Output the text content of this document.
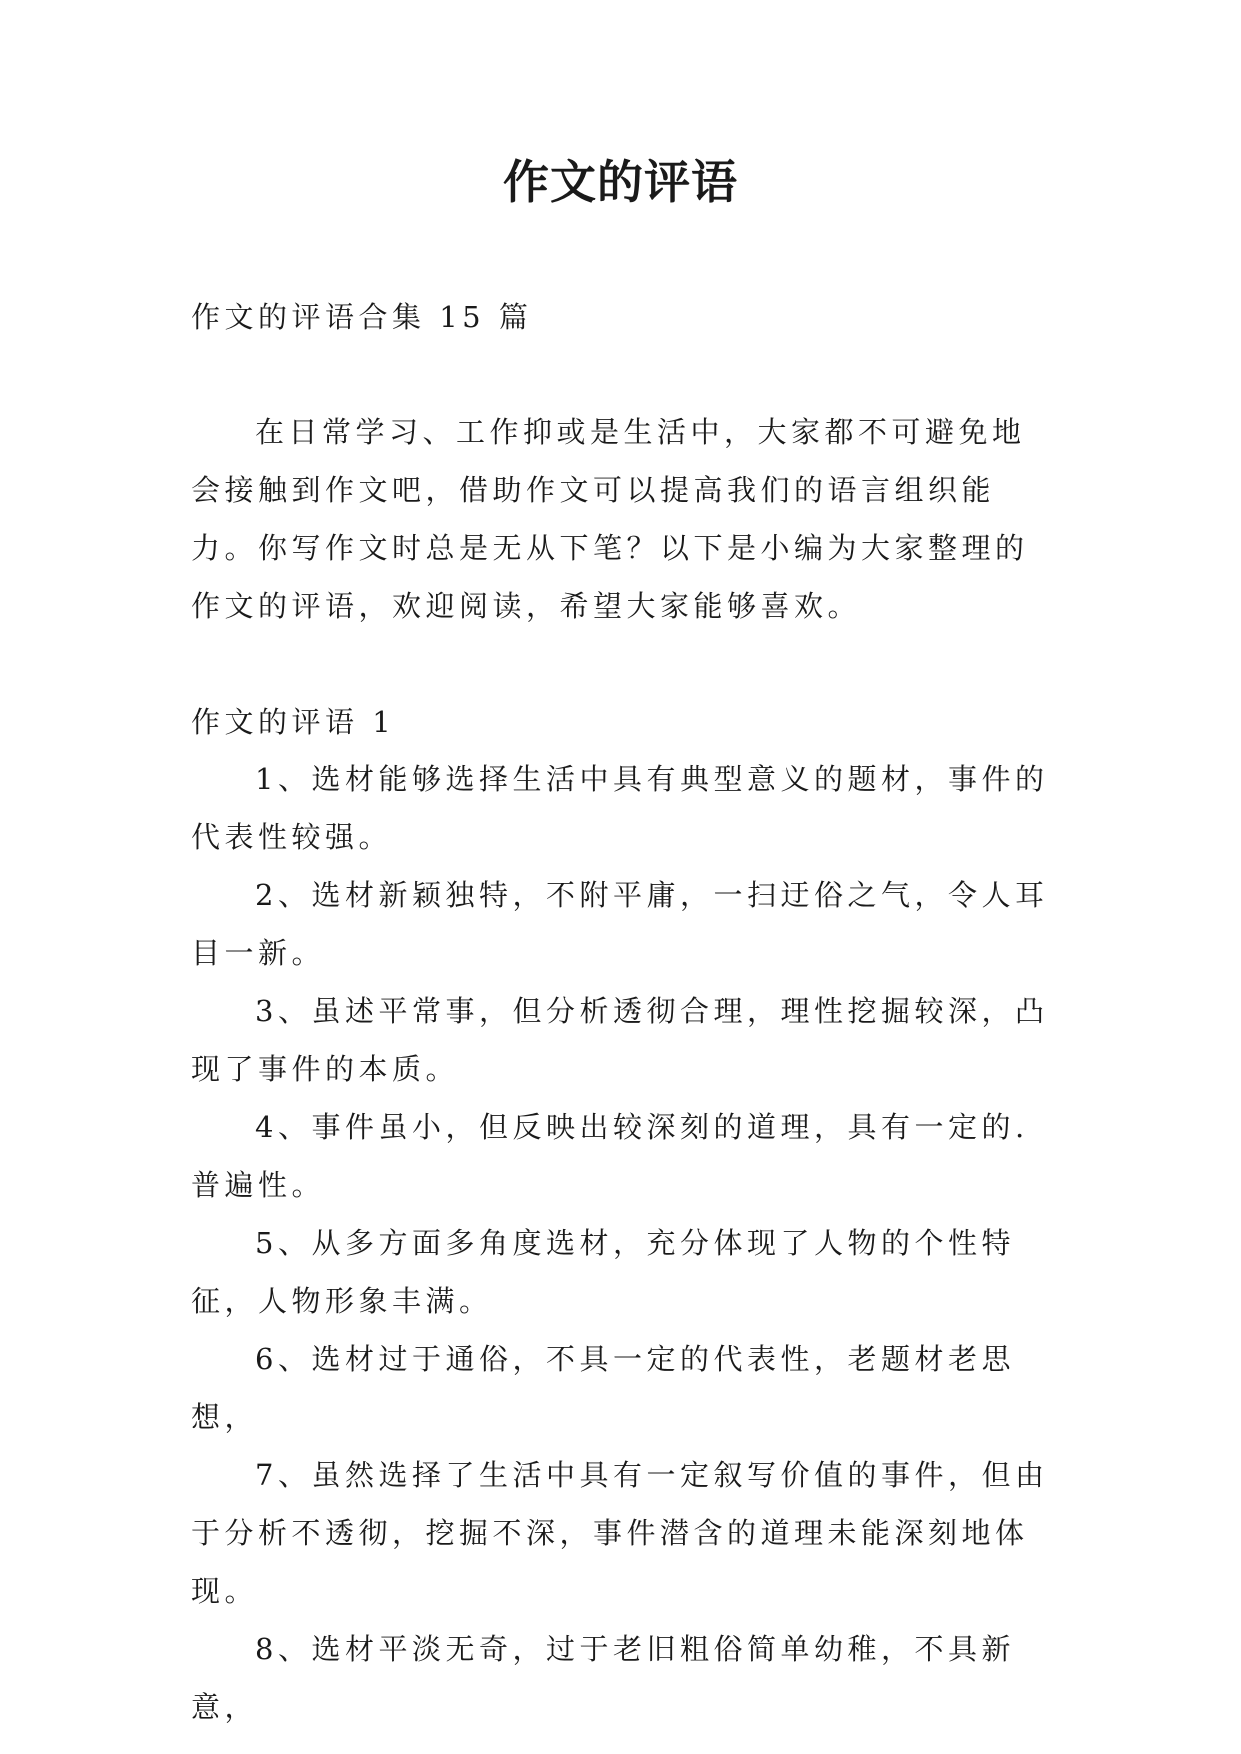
作文的评语
作文的评语合集 15 篇

在日常学习、工作抑或是生活中，大家都不可避免地会接触到作文吧，借助作文可以提高我们的语言组织能力。你写作文时总是无从下笔？以下是小编为大家整理的作文的评语，欢迎阅读，希望大家能够喜欢。

作文的评语 1

1、选材能够选择生活中具有典型意义的题材，事件的代表性较强。

2、选材新颖独特，不附平庸，一扫迂俗之气，令人耳目一新。

3、虽述平常事，但分析透彻合理，理性挖掘较深，凸现了事件的本质。

4、事件虽小，但反映出较深刻的道理，具有一定的.普遍性。

5、从多方面多角度选材，充分体现了人物的个性特征，人物形象丰满。

6、选材过于通俗，不具一定的代表性，老题材老思想，

7、虽然选择了生活中具有一定叙写价值的事件，但由于分析不透彻，挖掘不深，事件潜含的道理未能深刻地体现。

8、选材平淡无奇，过于老旧粗俗简单幼稚，不具新意，
